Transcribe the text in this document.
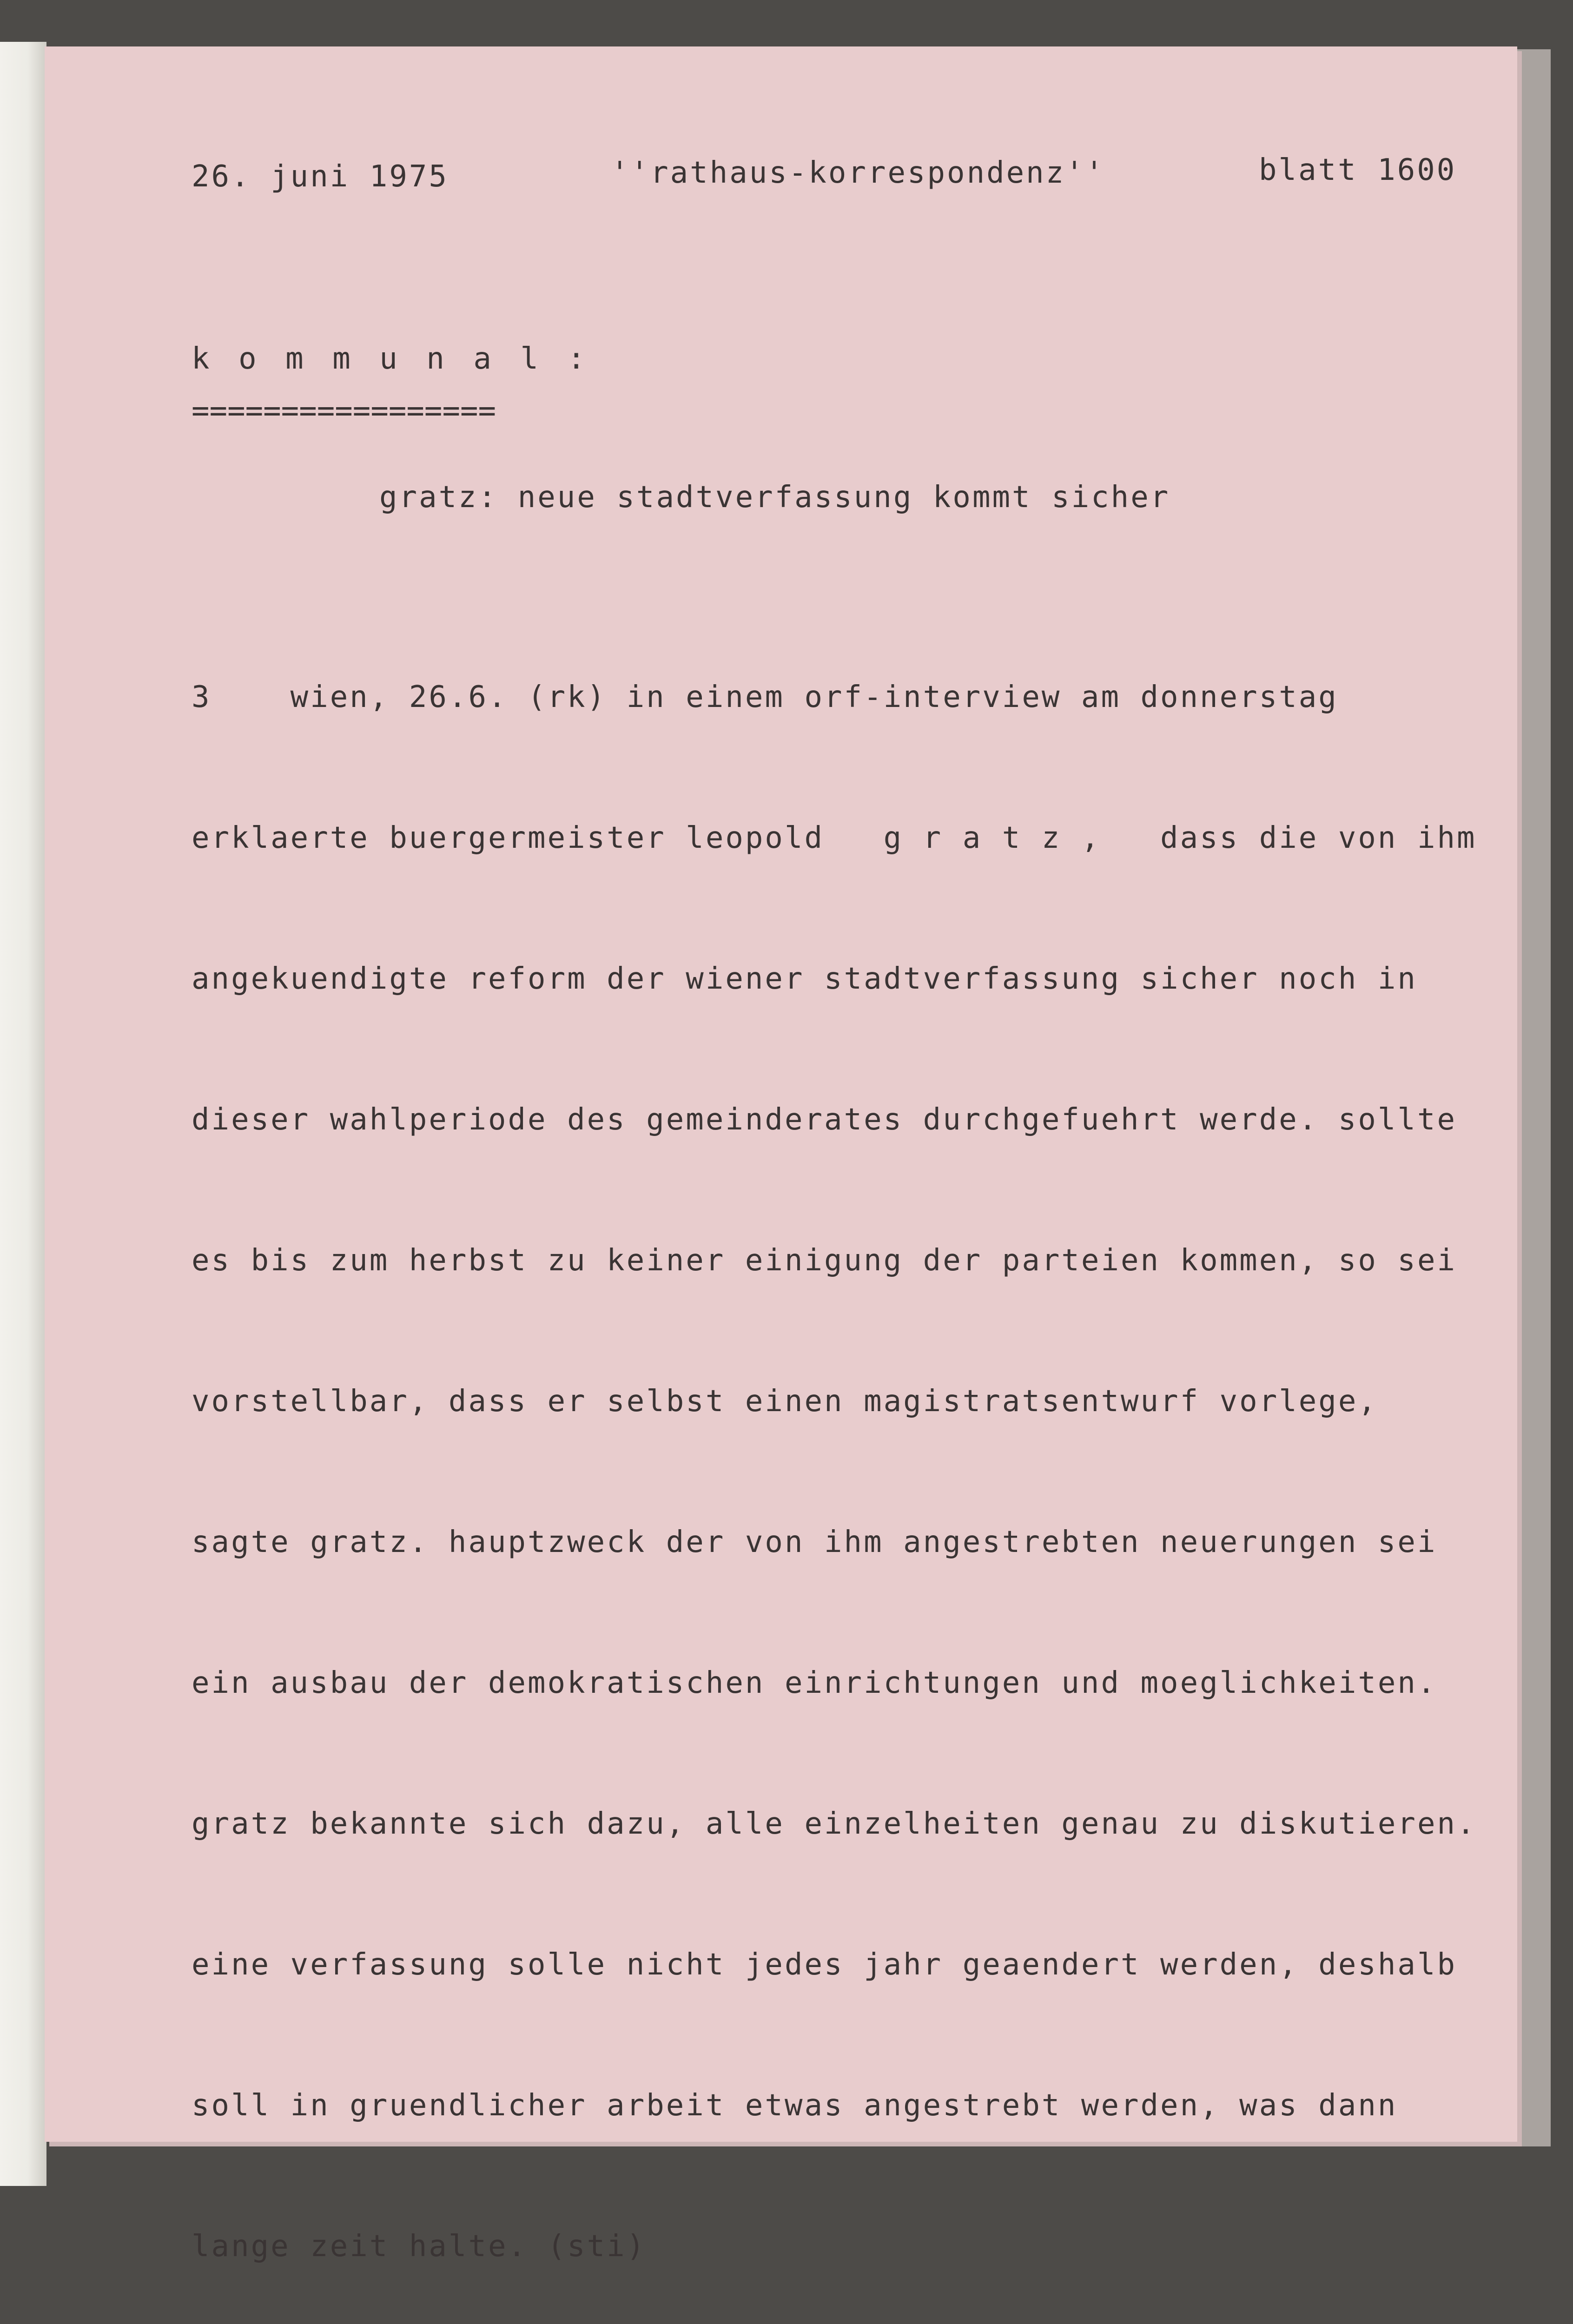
26. juni 1975	''rathaus-korrespondenz''	blatt 1600
k o m m u n a l :
=================
gratz: neue stadtverfassung kommt sicher

3    wien, 26.6. (rk) in einem orf-interview am donnerstag

erklaerte buergermeister leopold   g r a t z ,   dass die von ihm

angekuendigte reform der wiener stadtverfassung sicher noch in

dieser wahlperiode des gemeinderates durchgefuehrt werde. sollte

es bis zum herbst zu keiner einigung der parteien kommen, so sei

vorstellbar, dass er selbst einen magistratsentwurf vorlege,

sagte gratz. hauptzweck der von ihm angestrebten neuerungen sei

ein ausbau der demokratischen einrichtungen und moeglichkeiten.

gratz bekannte sich dazu, alle einzelheiten genau zu diskutieren.

eine verfassung solle nicht jedes jahr geaendert werden, deshalb

soll in gruendlicher arbeit etwas angestrebt werden, was dann

lange zeit halte. (sti)
